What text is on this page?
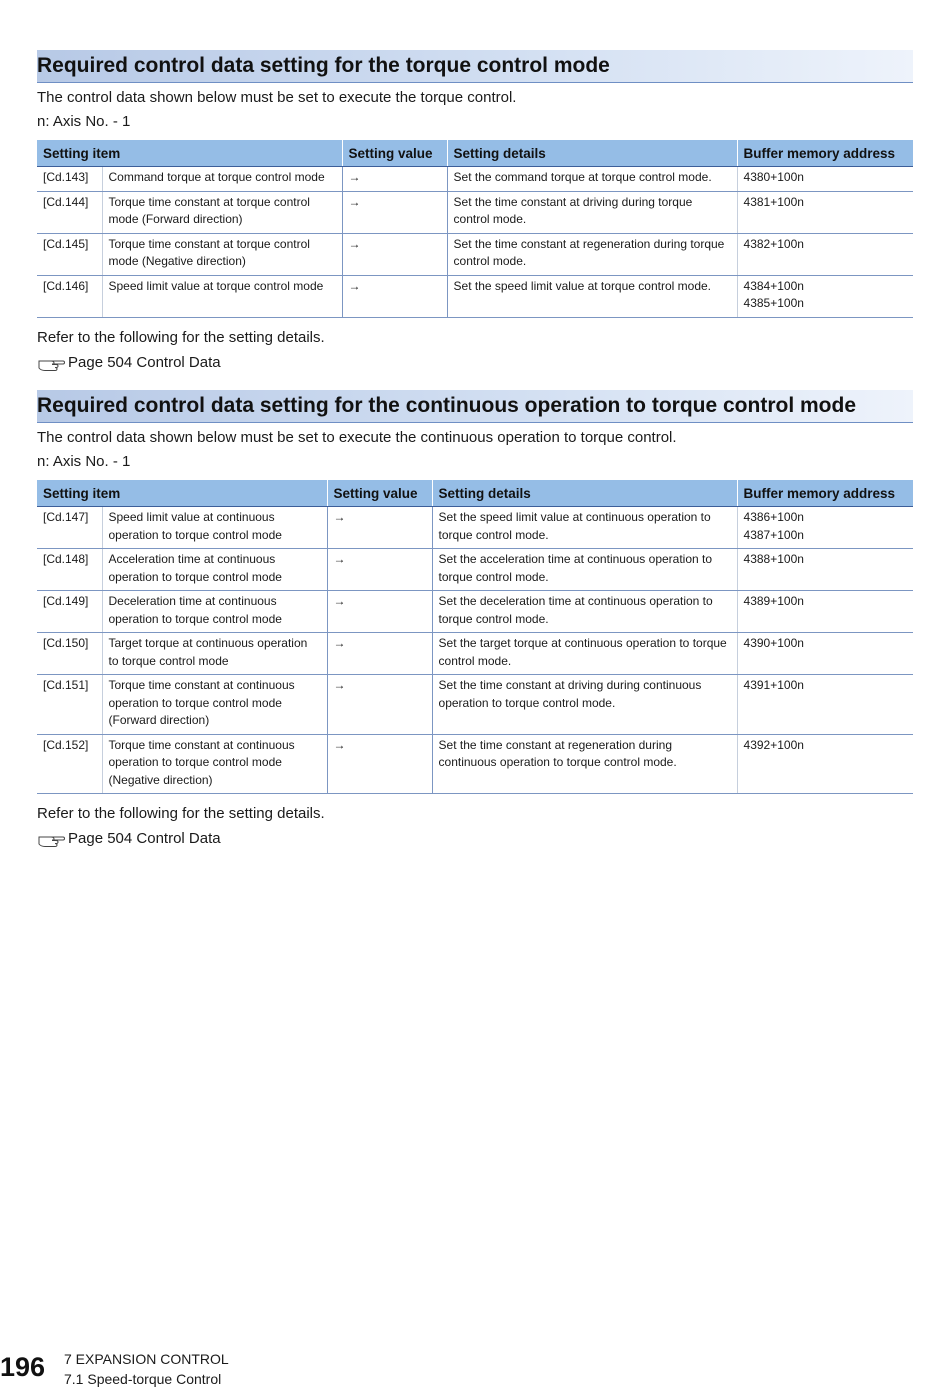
Required control data setting for the torque control mode
The control data shown below must be set to execute the torque control.
n: Axis No. - 1
Setting item		Setting value	Setting details	Buffer memory address
[Cd.143]	Command torque at torque control mode	→	Set the command torque at torque control mode.	4380+100n
[Cd.144]	Torque time constant at torque control mode (Forward direction)	→	Set the time constant at driving during torque control mode.	4381+100n
[Cd.145]	Torque time constant at torque control mode (Negative direction)	→	Set the time constant at regeneration during torque control mode.	4382+100n
[Cd.146]	Speed limit value at torque control mode	→	Set the speed limit value at torque control mode.	4384+100n
4385+100n
Refer to the following for the setting details.
Page 504 Control Data
Required control data setting for the continuous operation to torque control mode
The control data shown below must be set to execute the continuous operation to torque control.
n: Axis No. - 1
Setting item		Setting value	Setting details	Buffer memory address
[Cd.147]	Speed limit value at continuous operation to torque control mode	→	Set the speed limit value at continuous operation to torque control mode.	4386+100n
4387+100n
[Cd.148]	Acceleration time at continuous operation to torque control mode	→	Set the acceleration time at continuous operation to torque control mode.	4388+100n
[Cd.149]	Deceleration time at continuous operation to torque control mode	→	Set the deceleration time at continuous operation to torque control mode.	4389+100n
[Cd.150]	Target torque at continuous operation to torque control mode	→	Set the target torque at continuous operation to torque control mode.	4390+100n
[Cd.151]	Torque time constant at continuous operation to torque control mode (Forward direction)	→	Set the time constant at driving during continuous operation to torque control mode.	4391+100n
[Cd.152]	Torque time constant at continuous operation to torque control mode (Negative direction)	→	Set the time constant at regeneration during continuous operation to torque control mode.	4392+100n
Refer to the following for the setting details.
Page 504 Control Data
196 7 EXPANSION CONTROL
7.1 Speed-torque Control
